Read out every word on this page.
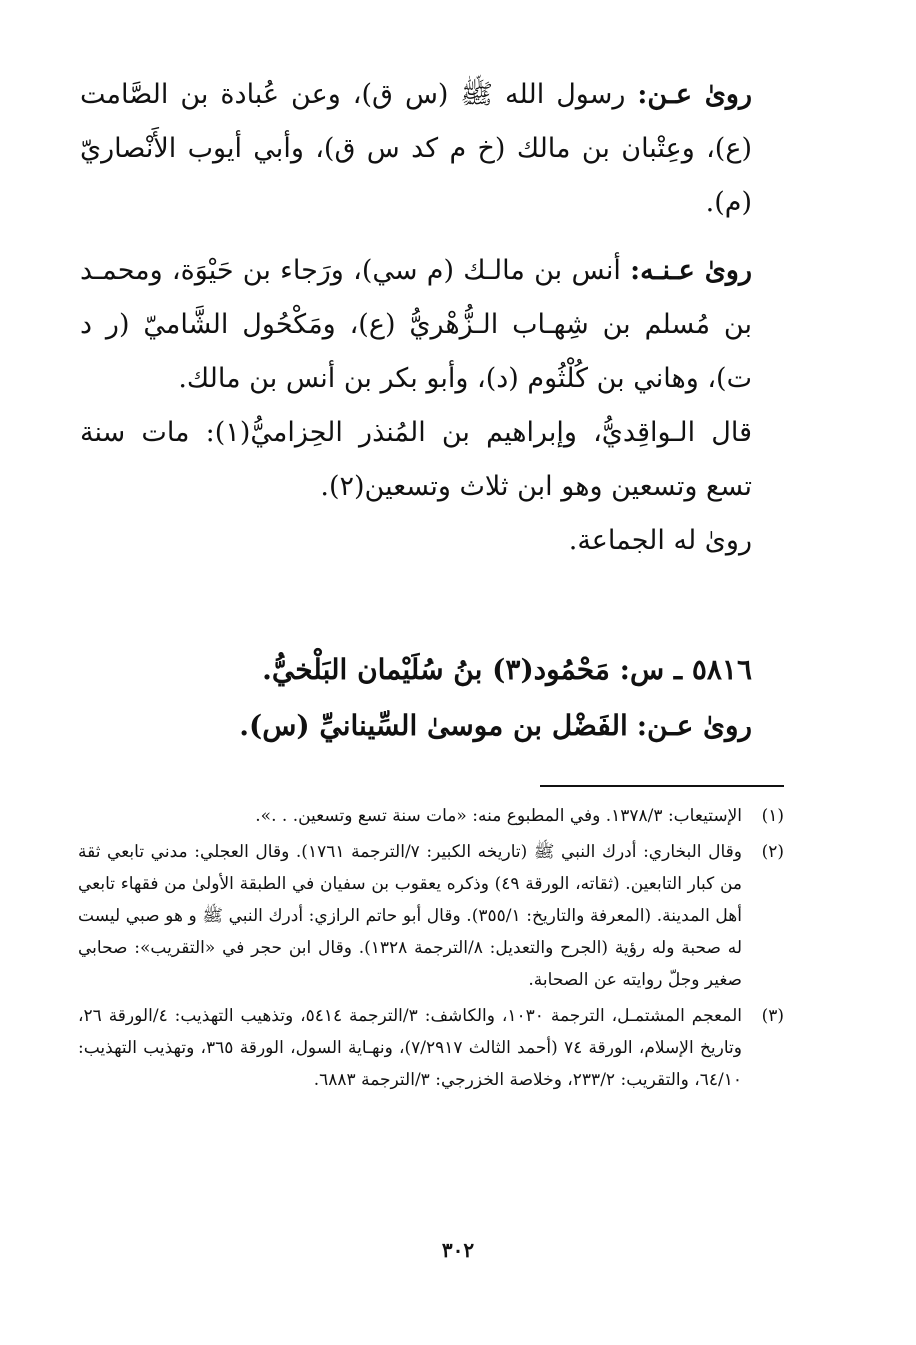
روىٰ عـن: رسول الله ﷺ (س ق)، وعن عُبادة بن الصَّامت (ع)، وعِتْبان بن مالك (خ م كد س ق)، وأبي أيوب الأَنْصاريّ (م).

روىٰ عـنـه: أنس بن مالـك (م سي)، ورَجاء بن حَيْوَة، ومحمـد بن مُسلم بن شِهـاب الـزُّهْريُّ (ع)، ومَكْحُول الشَّاميّ (ر د ت)، وهاني بن كُلْثُوم (د)، وأبو بكر بن أنس بن مالك.

قال الـواقِديُّ، وإبراهيم بن المُنذر الحِزاميُّ(١): مات سنة تسع وتسعين وهو ابن ثلاث وتسعين(٢).

روىٰ له الجماعة.

٥٨١٦ ـ س: مَحْمُود(٣) بنُ سُلَيْمان البَلْخيُّ.

روىٰ عـن: الفَضْل بن موسىٰ السِّينانيِّ (س).

(١)
الإستيعاب: ١٣٧٨/٣. وفي المطبوع منه: «مات سنة تسع وتسعين. . .».
(٢)
وقال البخاري: أدرك النبي ﷺ (تاريخه الكبير: ٧/الترجمة ١٧٦١). وقال العجلي: مدني تابعي ثقة من كبار التابعين. (ثقاته، الورقة ٤٩) وذكره يعقوب بن سفيان في الطبقة الأولىٰ من فقهاء تابعي أهل المدينة. (المعرفة والتاريخ: ٣٥٥/١). وقال أبو حاتم الرازي: أدرك النبي ﷺ و هو صبي ليست له صحبة وله رؤية (الجرح والتعديل: ٨/الترجمة ١٣٢٨). وقال ابن حجر في «التقريب»: صحابي صغير وجلّ روايته عن الصحابة.
(٣)
المعجم المشتمـل، الترجمة ١٠٣٠، والكاشف: ٣/الترجمة ٥٤١٤، وتذهيب التهذيب: ٤/الورقة ٢٦، وتاريخ الإسلام، الورقة ٧٤ (أحمد الثالث ٧/٢٩١٧)، ونهـاية السول، الورقة ٣٦٥، وتهذيب التهذيب: ٦٤/١٠، والتقريب: ٢٣٣/٢، وخلاصة الخزرجي: ٣/الترجمة ٦٨٨٣.
٣٠٢
